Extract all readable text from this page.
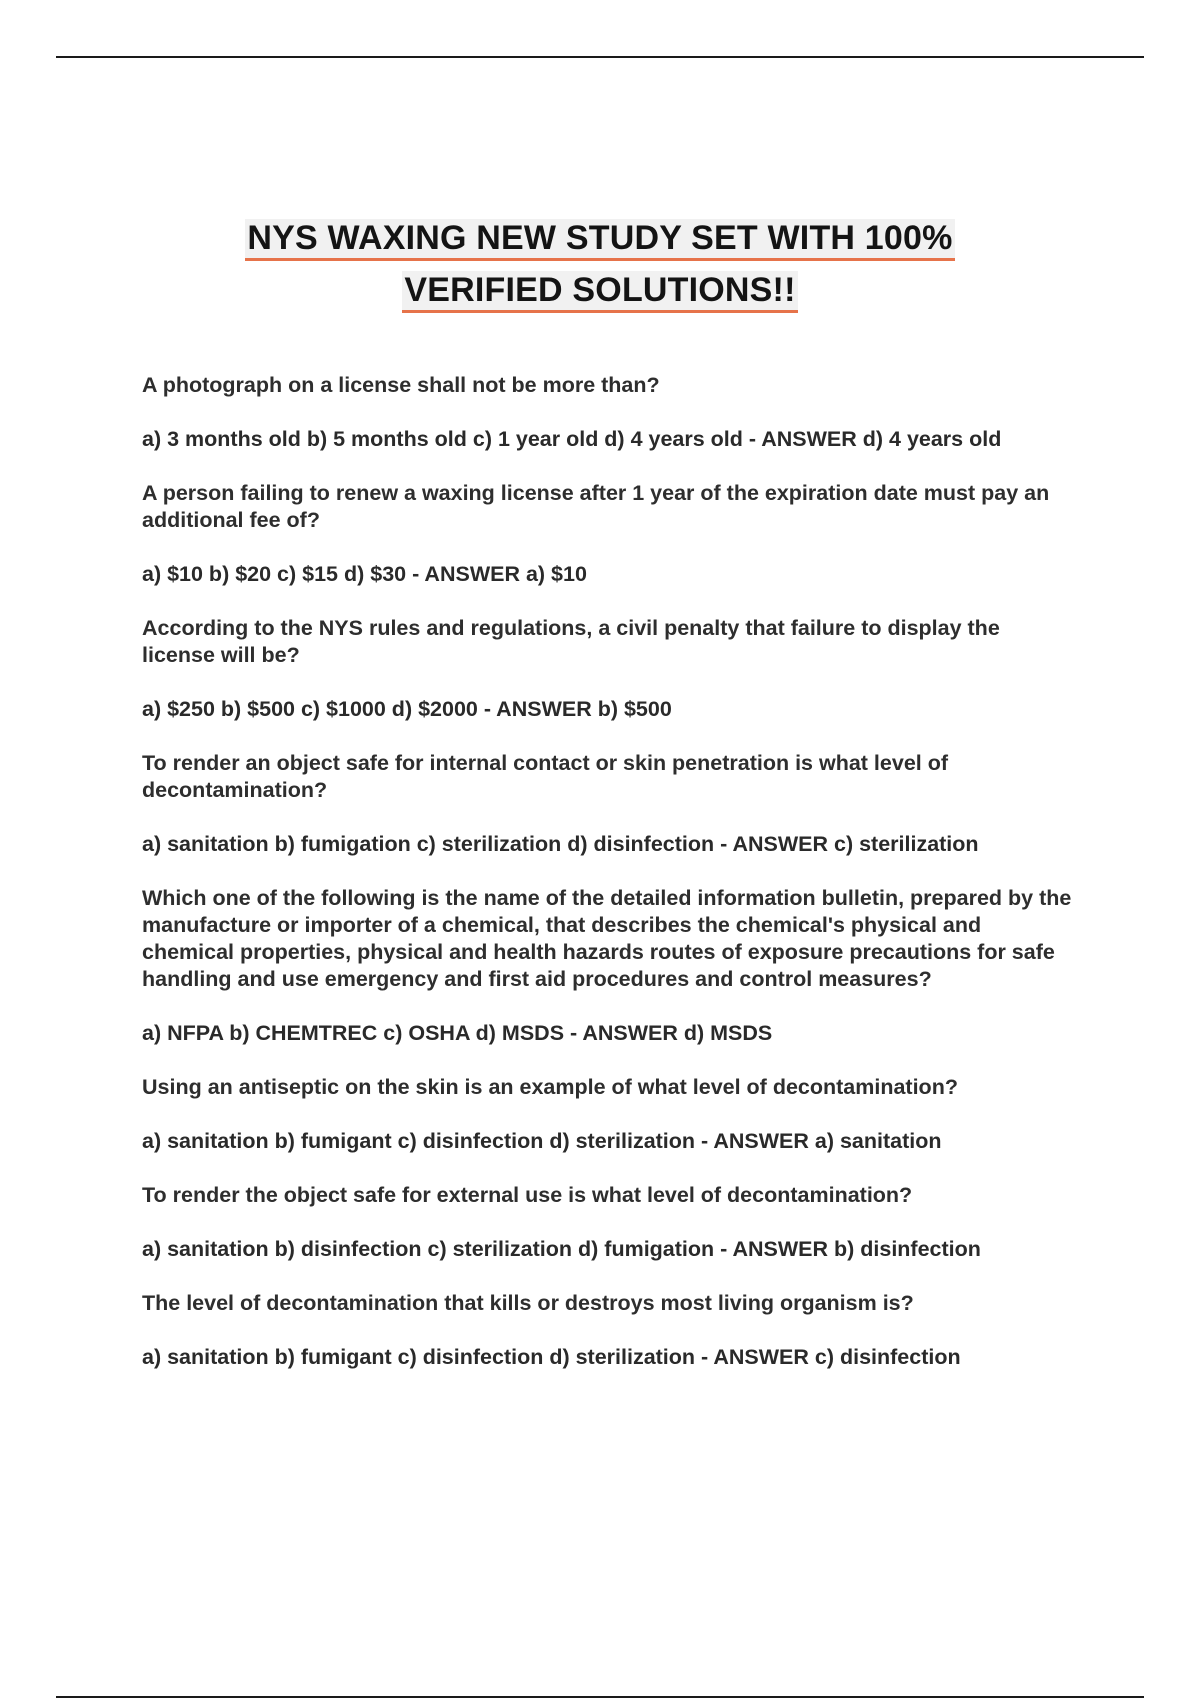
NYS WAXING NEW STUDY SET WITH 100%
VERIFIED SOLUTIONS!!

A photograph on a license shall not be more than?

a) 3 months old b) 5 months old c) 1 year old d) 4 years old - ANSWER d) 4 years old

A person failing to renew a waxing license after 1 year of the expiration date must pay an additional fee of?

a) $10 b) $20 c) $15 d) $30 - ANSWER a) $10

According to the NYS rules and regulations, a civil penalty that failure to display the license will be?

a) $250 b) $500 c) $1000 d) $2000 - ANSWER b) $500

To render an object safe for internal contact or skin penetration is what level of decontamination?

a) sanitation b) fumigation c) sterilization d) disinfection - ANSWER c) sterilization

Which one of the following is the name of the detailed information bulletin, prepared by the manufacture or importer of a chemical, that describes the chemical's physical and chemical properties, physical and health hazards routes of exposure precautions for safe handling and use emergency and first aid procedures and control measures?

a) NFPA b) CHEMTREC c) OSHA d) MSDS - ANSWER d) MSDS

Using an antiseptic on the skin is an example of what level of decontamination?

a) sanitation b) fumigant c) disinfection d) sterilization - ANSWER a) sanitation

To render the object safe for external use is what level of decontamination?

a) sanitation b) disinfection c) sterilization d) fumigation - ANSWER b) disinfection

The level of decontamination that kills or destroys most living organism is?

a) sanitation b) fumigant c) disinfection d) sterilization - ANSWER c) disinfection
